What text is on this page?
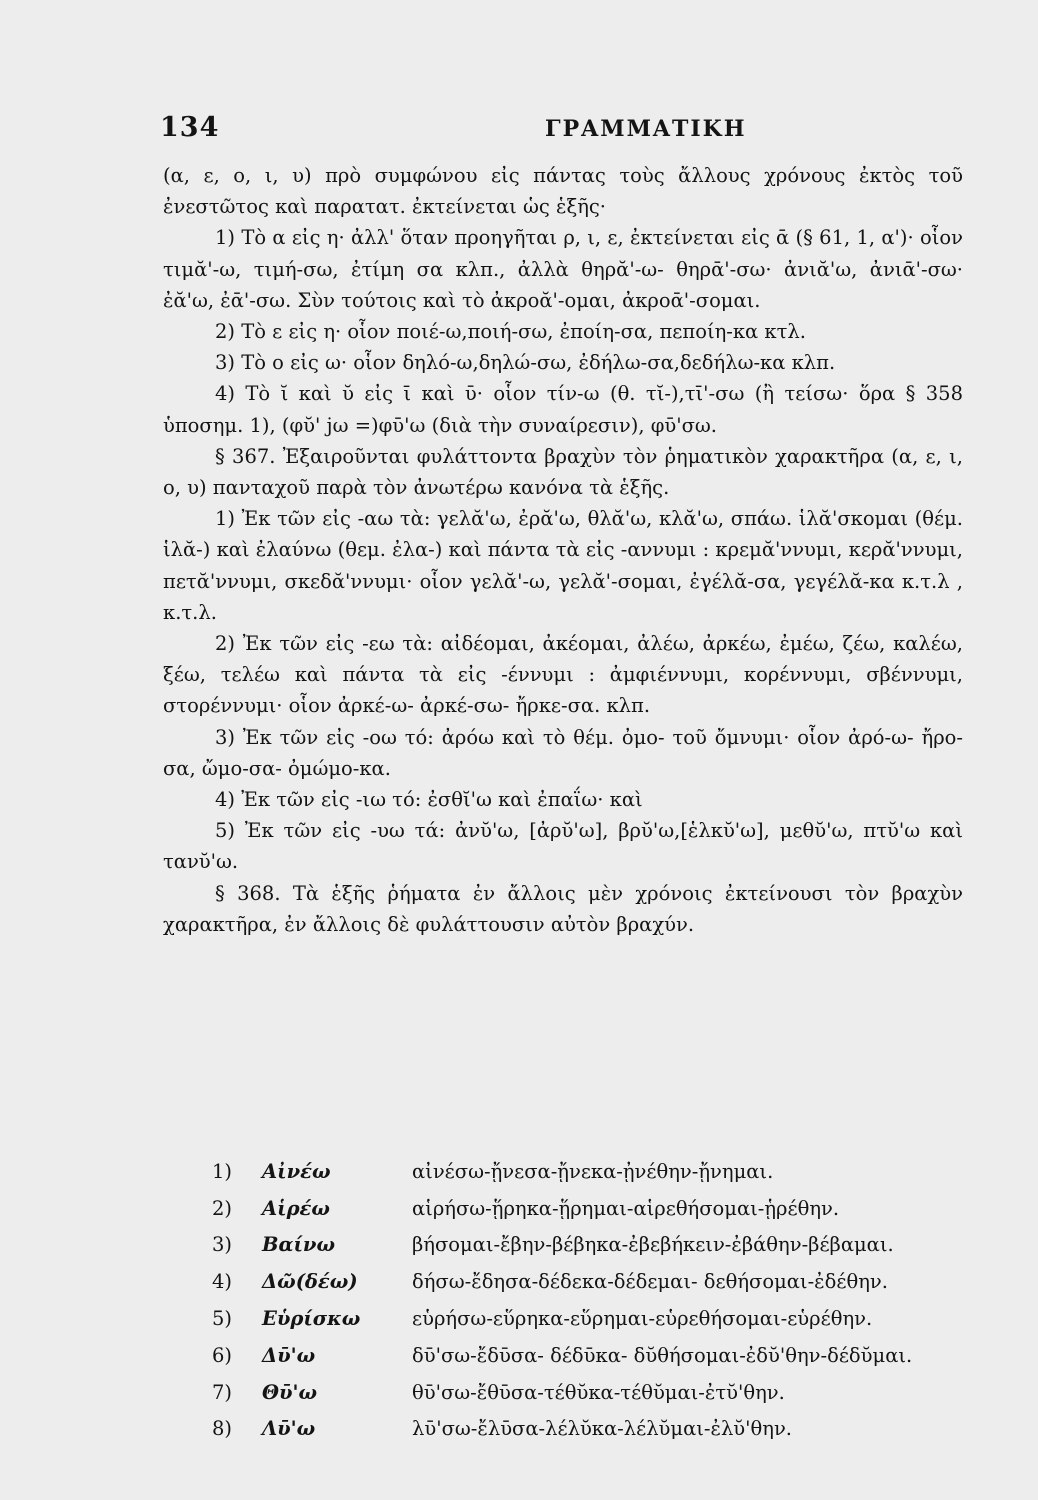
134	ΓΡΑΜΜΑΤΙΚΗ

(α, ε, ο, ι, υ) πρὸ συμφώνου εἰς πάντας τοὺς ἄλλους χρόνους ἐκτὸς τοῦ ἐνεστῶτος καὶ παρατατ. ἐκτείνεται ὡς ἑξῆς·

1) Τὸ α εἰς η· ἀλλ' ὅταν προηγῆται ρ, ι, ε, ἐκτείνεται εἰς ᾱ (§ 61, 1, α')· οἷον τιμᾰ'-ω, τιμή-σω, ἐτίμη σα κλπ., ἀλλὰ θηρᾰ'-ω- θηρᾱ'-σω· ἀνιᾰ'ω, ἀνιᾱ'-σω· ἐᾰ'ω, ἐᾱ'-σω. Σὺν τούτοις καὶ τὸ ἀκροᾰ'-ομαι, ἀκροᾱ'-σομαι.

2) Τὸ ε εἰς η· οἷον ποιέ-ω,ποιή-σω, ἐποίη-σα, πεποίη-κα κτλ.

3) Τὸ ο εἰς ω· οἷον δηλό-ω,δηλώ-σω, ἐδήλω-σα,δεδήλω-κα κλπ.

4) Τὸ ῐ καὶ ῠ εἰς ῑ καὶ ῡ· οἷον τίν-ω (θ. τῐ-),τῑ'-σω (ἢ τείσω· ὅρα § 358 ὑποσημ. 1), (φῠ' jω =)φῡ'ω (διὰ τὴν συναίρεσιν), φῡ'σω.

§ 367. Ἐξαιροῦνται φυλάττοντα βραχὺν τὸν ῥηματικὸν χαρακτῆρα (α, ε, ι, ο, υ) πανταχοῦ παρὰ τὸν ἀνωτέρω κανόνα τὰ ἑξῆς.

1) Ἐκ τῶν εἰς -αω τὰ: γελᾰ'ω, ἐρᾰ'ω, θλᾰ'ω, κλᾰ'ω, σπάω. ἱλᾰ'σκομαι (θέμ. ἱλᾰ-) καὶ ἐλαύνω (θεμ. ἐλα-) καὶ πάντα τὰ εἰς -αννυμι : κρεμᾰ'ννυμι, κερᾰ'ννυμι, πετᾰ'ννυμι, σκεδᾰ'ννυμι· οἷον γελᾰ'-ω, γελᾰ'-σομαι, ἐγέλᾰ-σα, γεγέλᾰ-κα κ.τ.λ , κ.τ.λ.

2) Ἐκ τῶν εἰς -εω τὰ: αἰδέομαι, ἀκέομαι, ἀλέω, ἀρκέω, ἐμέω, ζέω, καλέω, ξέω, τελέω καὶ πάντα τὰ εἰς -έννυμι : ἀμφιέννυμι, κορέννυμι, σβέννυμι, στορέννυμι· οἷον ἀρκέ-ω- ἀρκέ-σω- ἤρκε-σα. κλπ.

3) Ἐκ τῶν εἰς -οω τό: ἀρόω καὶ τὸ θέμ. ὀμο- τοῦ ὄμνυμι· οἷον ἀρό-ω- ἤρο-σα, ὤμο-σα- ὀμώμο-κα.

4) Ἐκ τῶν εἰς -ιω τό: ἐσθῐ'ω καὶ ἐπαΐω· καὶ

5) Ἐκ τῶν εἰς -υω τά: ἀνῠ'ω, [ἀρῠ'ω], βρῠ'ω,[ἑλκῠ'ω], μεθῠ'ω, πτῠ'ω καὶ τανῠ'ω.

§ 368. Τὰ ἑξῆς ῥήματα ἐν ἄλλοις μὲν χρόνοις ἐκτείνουσι τὸν βραχὺν χαρακτῆρα, ἐν ἄλλοις δὲ φυλάττουσιν αὐτὸν βραχύν.

1)	Αἰνέω	αἰνέσω-ᾔνεσα-ᾔνεκα-ᾐνέθην-ᾔνημαι.
2)	Αἱρέω	αἱρήσω-ᾕρηκα-ᾕρημαι-αἱρεθήσομαι-ᾑρέθην.
3)	Βαίνω	βήσομαι-ἔβην-βέβηκα-ἐβεβήκειν-ἐβάθην-βέβαμαι.
4)	Δῶ(δέω)	δήσω-ἔδησα-δέδεκα-δέδεμαι- δεθήσομαι-ἐδέθην.
5)	Εὑρίσκω	εὑρήσω-εὕρηκα-εὕρημαι-εὑρεθήσομαι-εὑρέθην.
6)	Δῡ'ω	δῡ'σω-ἔδῡσα- δέδῡκα- δῠθήσομαι-ἐδῠ'θην-δέδῠμαι.
7)	Θῡ'ω	θῡ'σω-ἔθῡσα-τέθῠκα-τέθῠμαι-ἐτῠ'θην.
8)	Λῡ'ω	λῡ'σω-ἔλῡσα-λέλῠκα-λέλῠμαι-ἐλῠ'θην.
